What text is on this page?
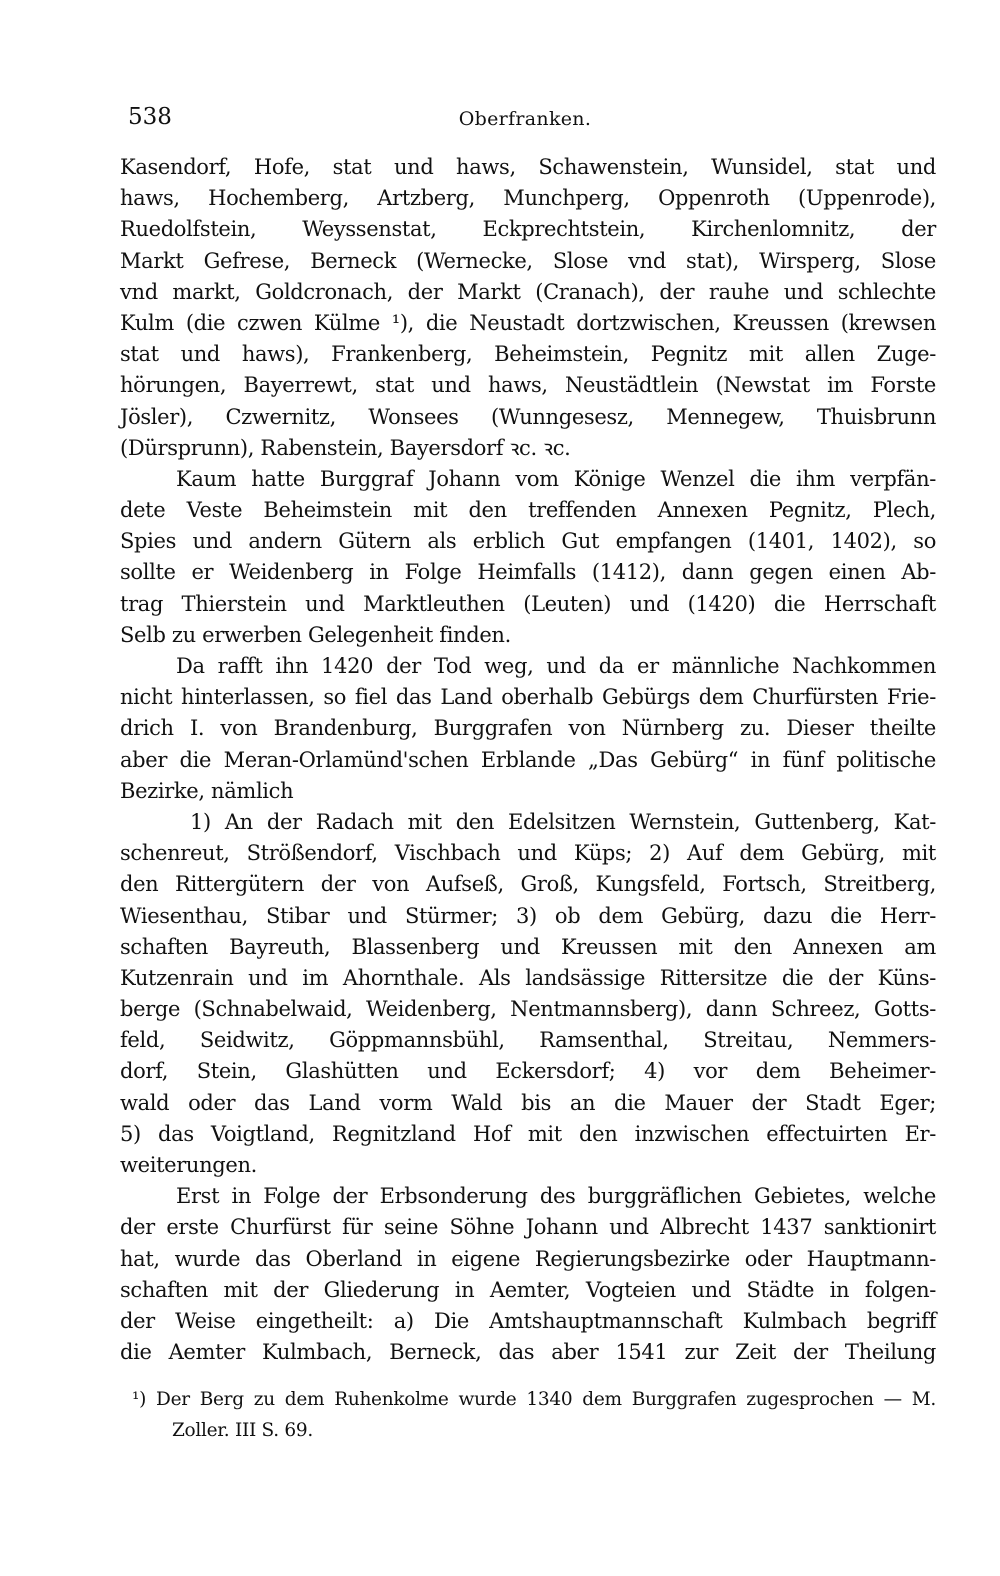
538	Oberfranken.
Kasendorf, Hofe, stat und haws, Schawenstein, Wunsidel, stat und
haws, Hochemberg, Artzberg, Munchperg, Oppenroth (Uppenrode),
Ruedolfstein, Weyssenstat, Eckprechtstein, Kirchenlomnitz, der
Markt Gefrese, Berneck (Wernecke, Slose vnd stat), Wirsperg, Slose
vnd markt, Goldcronach, der Markt (Cranach), der rauhe und schlechte
Kulm (die czwen Külme ¹), die Neustadt dortzwischen, Kreussen (krewsen
stat und haws), Frankenberg, Beheimstein, Pegnitz mit allen Zuge-
hörungen, Bayerrewt, stat und haws, Neustädtlein (Newstat im Forste
Jösler), Czwernitz, Wonsees (Wunngesesz, Mennegew, Thuisbrunn
(Dürsprunn), Rabenstein, Bayersdorf ꝛc. ꝛc.
Kaum hatte Burggraf Johann vom Könige Wenzel die ihm verpfän-
dete Veste Beheimstein mit den treffenden Annexen Pegnitz, Plech,
Spies und andern Gütern als erblich Gut empfangen (1401, 1402), so
sollte er Weidenberg in Folge Heimfalls (1412), dann gegen einen Ab-
trag Thierstein und Marktleuthen (Leuten) und (1420) die Herrschaft
Selb zu erwerben Gelegenheit finden.
Da rafft ihn 1420 der Tod weg, und da er männliche Nachkommen
nicht hinterlassen, so fiel das Land oberhalb Gebürgs dem Churfürsten Frie-
drich I. von Brandenburg, Burggrafen von Nürnberg zu. Dieser theilte
aber die Meran-Orlamünd'schen Erblande „Das Gebürg“ in fünf politische
Bezirke, nämlich
1) An der Radach mit den Edelsitzen Wernstein, Guttenberg, Kat-
schenreut, Strößendorf, Vischbach und Küps; 2) Auf dem Gebürg, mit
den Rittergütern der von Aufseß, Groß, Kungsfeld, Fortsch, Streitberg,
Wiesenthau, Stibar und Stürmer; 3) ob dem Gebürg, dazu die Herr-
schaften Bayreuth, Blassenberg und Kreussen mit den Annexen am
Kutzenrain und im Ahornthale. Als landsässige Rittersitze die der Küns-
berge (Schnabelwaid, Weidenberg, Nentmannsberg), dann Schreez, Gotts-
feld, Seidwitz, Göppmannsbühl, Ramsenthal, Streitau, Nemmers-
dorf, Stein, Glashütten und Eckersdorf; 4) vor dem Beheimer-
wald oder das Land vorm Wald bis an die Mauer der Stadt Eger;
5) das Voigtland, Regnitzland Hof mit den inzwischen effectuirten Er-
weiterungen.
Erst in Folge der Erbsonderung des burggräflichen Gebietes, welche
der erste Churfürst für seine Söhne Johann und Albrecht 1437 sanktionirt
hat, wurde das Oberland in eigene Regierungsbezirke oder Hauptmann-
schaften mit der Gliederung in Aemter, Vogteien und Städte in folgen-
der Weise eingetheilt: a) Die Amtshauptmannschaft Kulmbach begriff
die Aemter Kulmbach, Berneck, das aber 1541 zur Zeit der Theilung
¹) Der Berg zu dem Ruhenkolme wurde 1340 dem Burggrafen zugesprochen — M.
Zoller. III S. 69.
